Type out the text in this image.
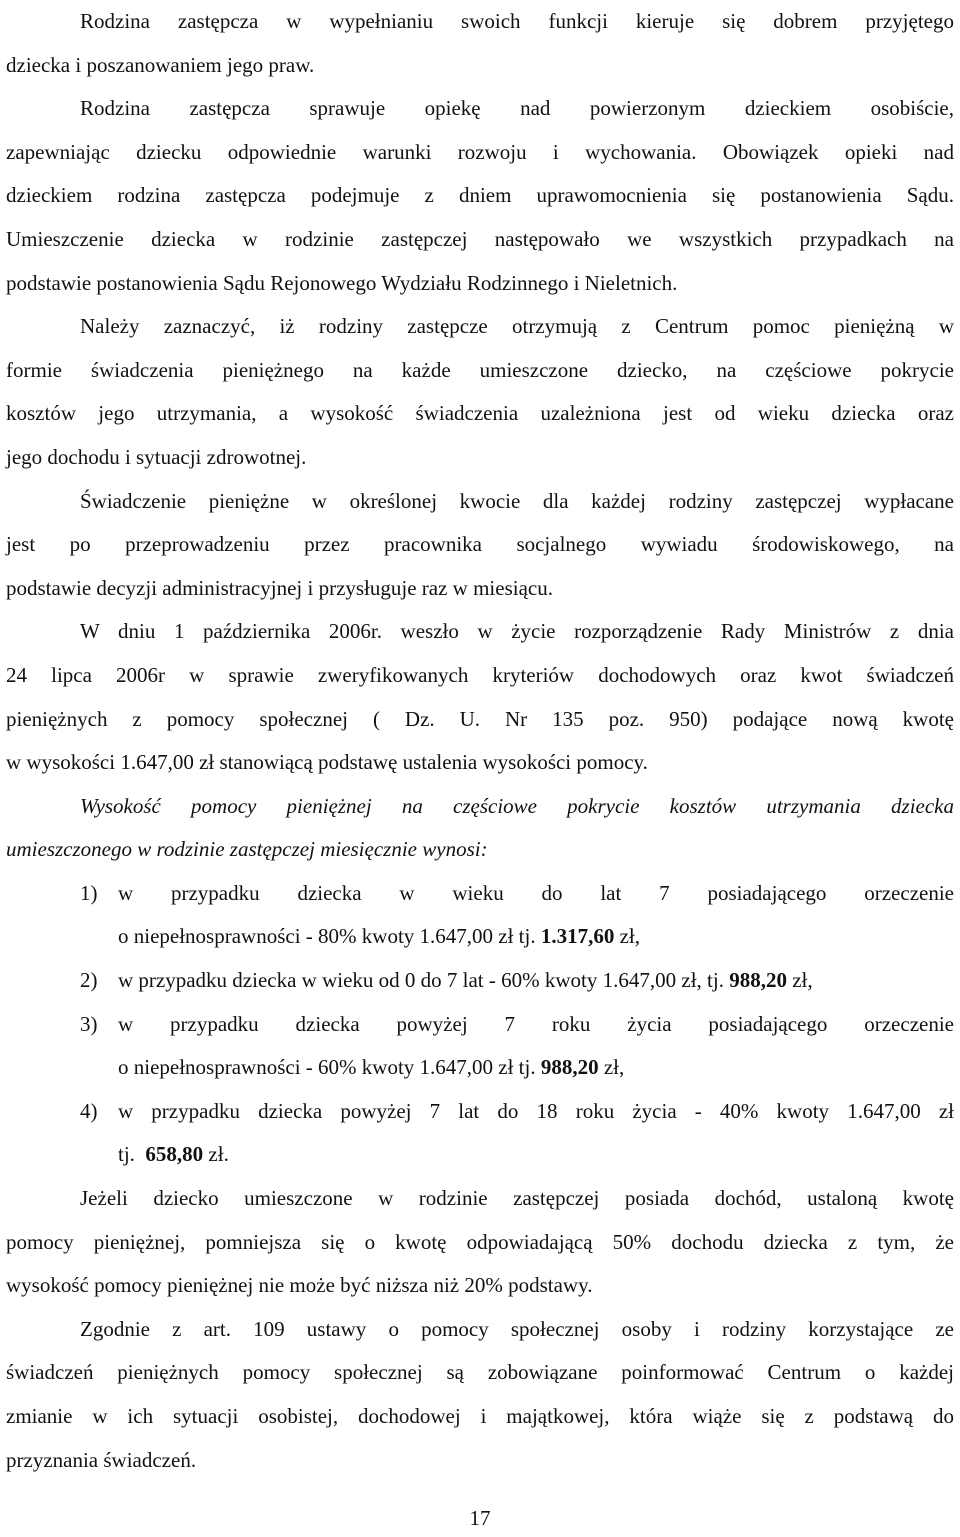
Rodzina zastępcza w wypełnianiu swoich funkcji kieruje się dobrem przyjętego
dziecka i poszanowaniem jego praw.
Rodzina zastępcza sprawuje opiekę nad powierzonym dzieckiem osobiście,
zapewniając dziecku odpowiednie warunki rozwoju i wychowania. Obowiązek opieki nad
dzieckiem rodzina zastępcza podejmuje z dniem uprawomocnienia się postanowienia Sądu.
Umieszczenie dziecka w rodzinie zastępczej następowało we wszystkich przypadkach na
podstawie postanowienia Sądu Rejonowego Wydziału Rodzinnego i Nieletnich.
Należy zaznaczyć, iż rodziny zastępcze otrzymują z Centrum pomoc pieniężną w
formie świadczenia pieniężnego na każde umieszczone dziecko, na częściowe pokrycie
kosztów jego utrzymania, a wysokość świadczenia uzależniona jest od wieku dziecka oraz
jego dochodu i sytuacji zdrowotnej.
Świadczenie pieniężne w określonej kwocie dla każdej rodziny zastępczej wypłacane
jest po przeprowadzeniu przez pracownika socjalnego wywiadu środowiskowego, na
podstawie decyzji administracyjnej i przysługuje raz w miesiącu.
W dniu 1 października 2006r. weszło w życie rozporządzenie Rady Ministrów z dnia
24 lipca 2006r w sprawie zweryfikowanych kryteriów dochodowych oraz kwot świadczeń
pieniężnych z pomocy społecznej ( Dz. U. Nr 135 poz. 950) podające nową kwotę
w wysokości 1.647,00 zł stanowiącą podstawę ustalenia wysokości pomocy.
Wysokość pomocy pieniężnej na częściowe pokrycie kosztów utrzymania dziecka
umieszczonego w rodzinie zastępczej miesięcznie wynosi:
1) w przypadku dziecka w wieku do lat 7 posiadającego orzeczenie
o niepełnosprawności - 80% kwoty 1.647,00 zł tj. 1.317,60 zł,
2) w przypadku dziecka w wieku od 0 do 7 lat - 60% kwoty 1.647,00 zł, tj. 988,20 zł,
3) w przypadku dziecka powyżej 7 roku życia posiadającego orzeczenie
o niepełnosprawności - 60% kwoty 1.647,00 zł tj. 988,20 zł,
4) w przypadku dziecka powyżej 7 lat do 18 roku życia - 40% kwoty 1.647,00 zł
tj.  658,80 zł.
Jeżeli dziecko umieszczone w rodzinie zastępczej posiada dochód, ustaloną kwotę
pomocy pieniężnej, pomniejsza się o kwotę odpowiadającą 50% dochodu dziecka z tym, że
wysokość pomocy pieniężnej nie może być niższa niż 20% podstawy.
Zgodnie z art. 109 ustawy o pomocy społecznej osoby i rodziny korzystające ze
świadczeń pieniężnych pomocy społecznej są zobowiązane poinformować Centrum o każdej
zmianie w ich sytuacji osobistej, dochodowej i majątkowej, która wiąże się z podstawą do
przyznania świadczeń.
17
